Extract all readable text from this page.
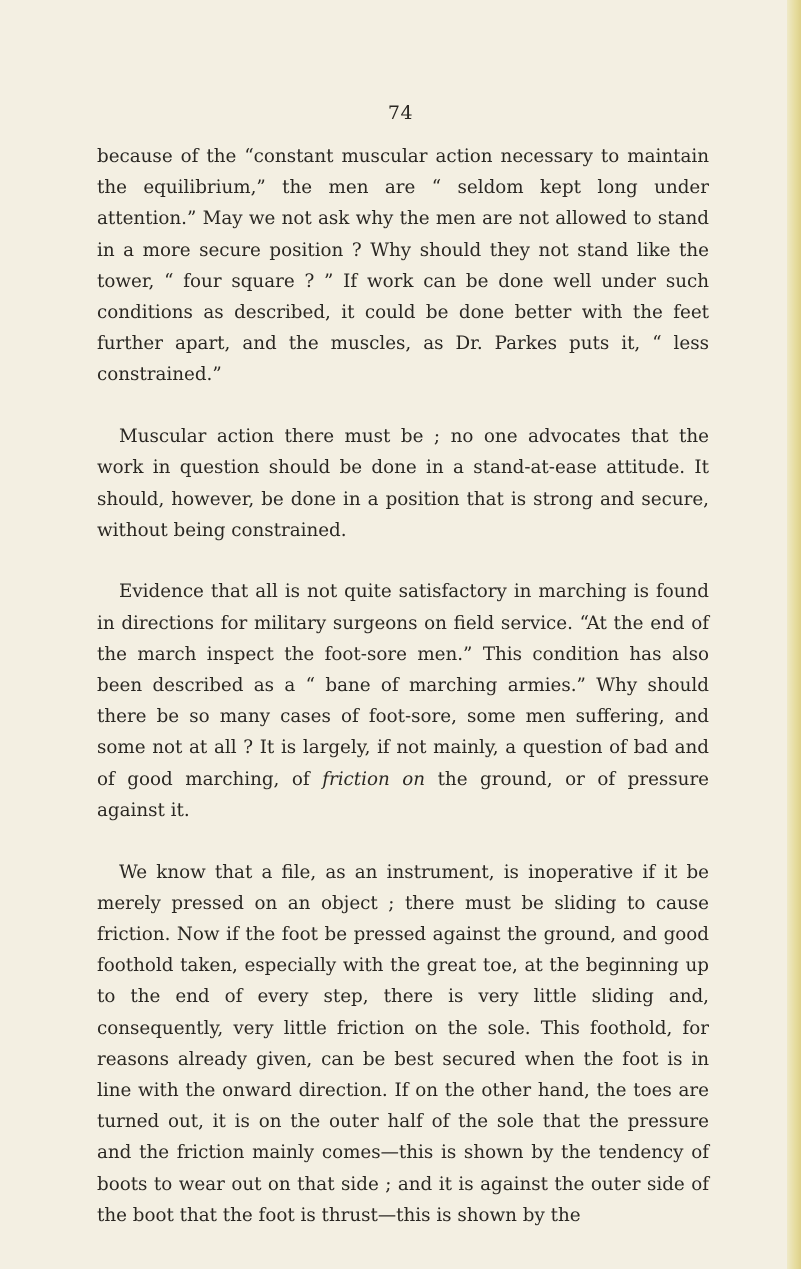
74

because of the “constant muscular action necessary to maintain the equilibrium,” the men are “ seldom kept long under attention.” May we not ask why the men are not allowed to stand in a more secure position ? Why should they not stand like the tower, “ four square ? ” If work can be done well under such conditions as described, it could be done better with the feet further apart, and the muscles, as Dr. Parkes puts it, “ less constrained.”

Muscular action there must be ; no one advocates that the work in question should be done in a stand-at-ease attitude. It should, however, be done in a position that is strong and secure, without being constrained.

Evidence that all is not quite satisfactory in marching is found in directions for military surgeons on field service. “At the end of the march inspect the foot-sore men.” This condition has also been described as a “ bane of marching armies.” Why should there be so many cases of foot-sore, some men suffering, and some not at all ? It is largely, if not mainly, a question of bad and of good marching, of friction on the ground, or of pressure against it.

We know that a file, as an instrument, is inoperative if it be merely pressed on an object ; there must be sliding to cause friction. Now if the foot be pressed against the ground, and good foothold taken, especially with the great toe, at the beginning up to the end of every step, there is very little sliding and, consequently, very little friction on the sole. This foothold, for reasons already given, can be best secured when the foot is in line with the onward direction. If on the other hand, the toes are turned out, it is on the outer half of the sole that the pressure and the friction mainly comes—this is shown by the tendency of boots to wear out on that side ; and it is against the outer side of the boot that the foot is thrust—this is shown by the
